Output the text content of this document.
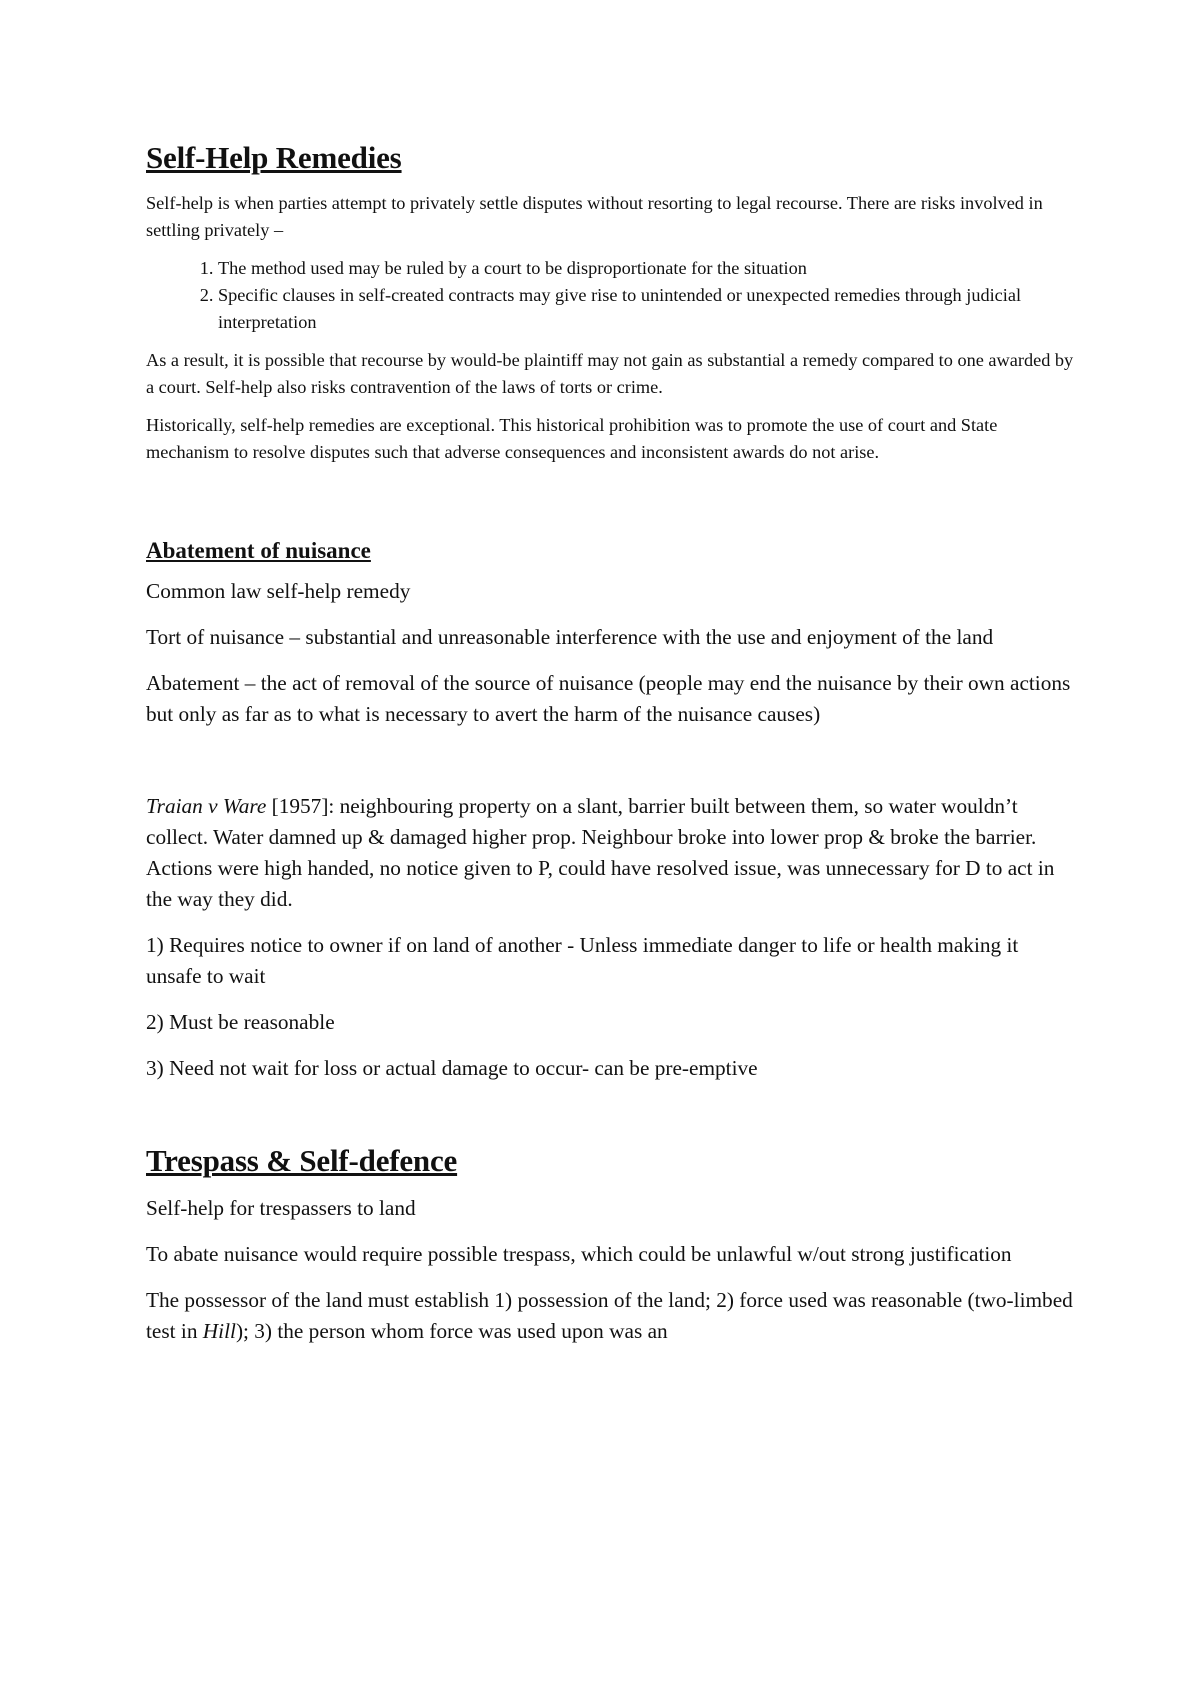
Self-Help Remedies

Self-help is when parties attempt to privately settle disputes without resorting to legal recourse. There are risks involved in settling privately –

1. The method used may be ruled by a court to be disproportionate for the situation
2. Specific clauses in self-created contracts may give rise to unintended or unexpected remedies through judicial interpretation

As a result, it is possible that recourse by would-be plaintiff may not gain as substantial a remedy compared to one awarded by a court. Self-help also risks contravention of the laws of torts or crime.

Historically, self-help remedies are exceptional. This historical prohibition was to promote the use of court and State mechanism to resolve disputes such that adverse consequences and inconsistent awards do not arise.

Abatement of nuisance

Common law self-help remedy

Tort of nuisance – substantial and unreasonable interference with the use and enjoyment of the land

Abatement – the act of removal of the source of nuisance (people may end the nuisance by their own actions but only as far as to what is necessary to avert the harm of the nuisance causes)

Traian v Ware [1957]: neighbouring property on a slant, barrier built between them, so water wouldn’t collect. Water damned up & damaged higher prop. Neighbour broke into lower prop & broke the barrier. Actions were high handed, no notice given to P, could have resolved issue, was unnecessary for D to act in the way they did.

1) Requires notice to owner if on land of another - Unless immediate danger to life or health making it unsafe to wait

2) Must be reasonable

3) Need not wait for loss or actual damage to occur- can be pre-emptive

Trespass & Self-defence

Self-help for trespassers to land

To abate nuisance would require possible trespass, which could be unlawful w/out strong justification

The possessor of the land must establish 1) possession of the land; 2) force used was reasonable (two-limbed test in Hill); 3) the person whom force was used upon was an
